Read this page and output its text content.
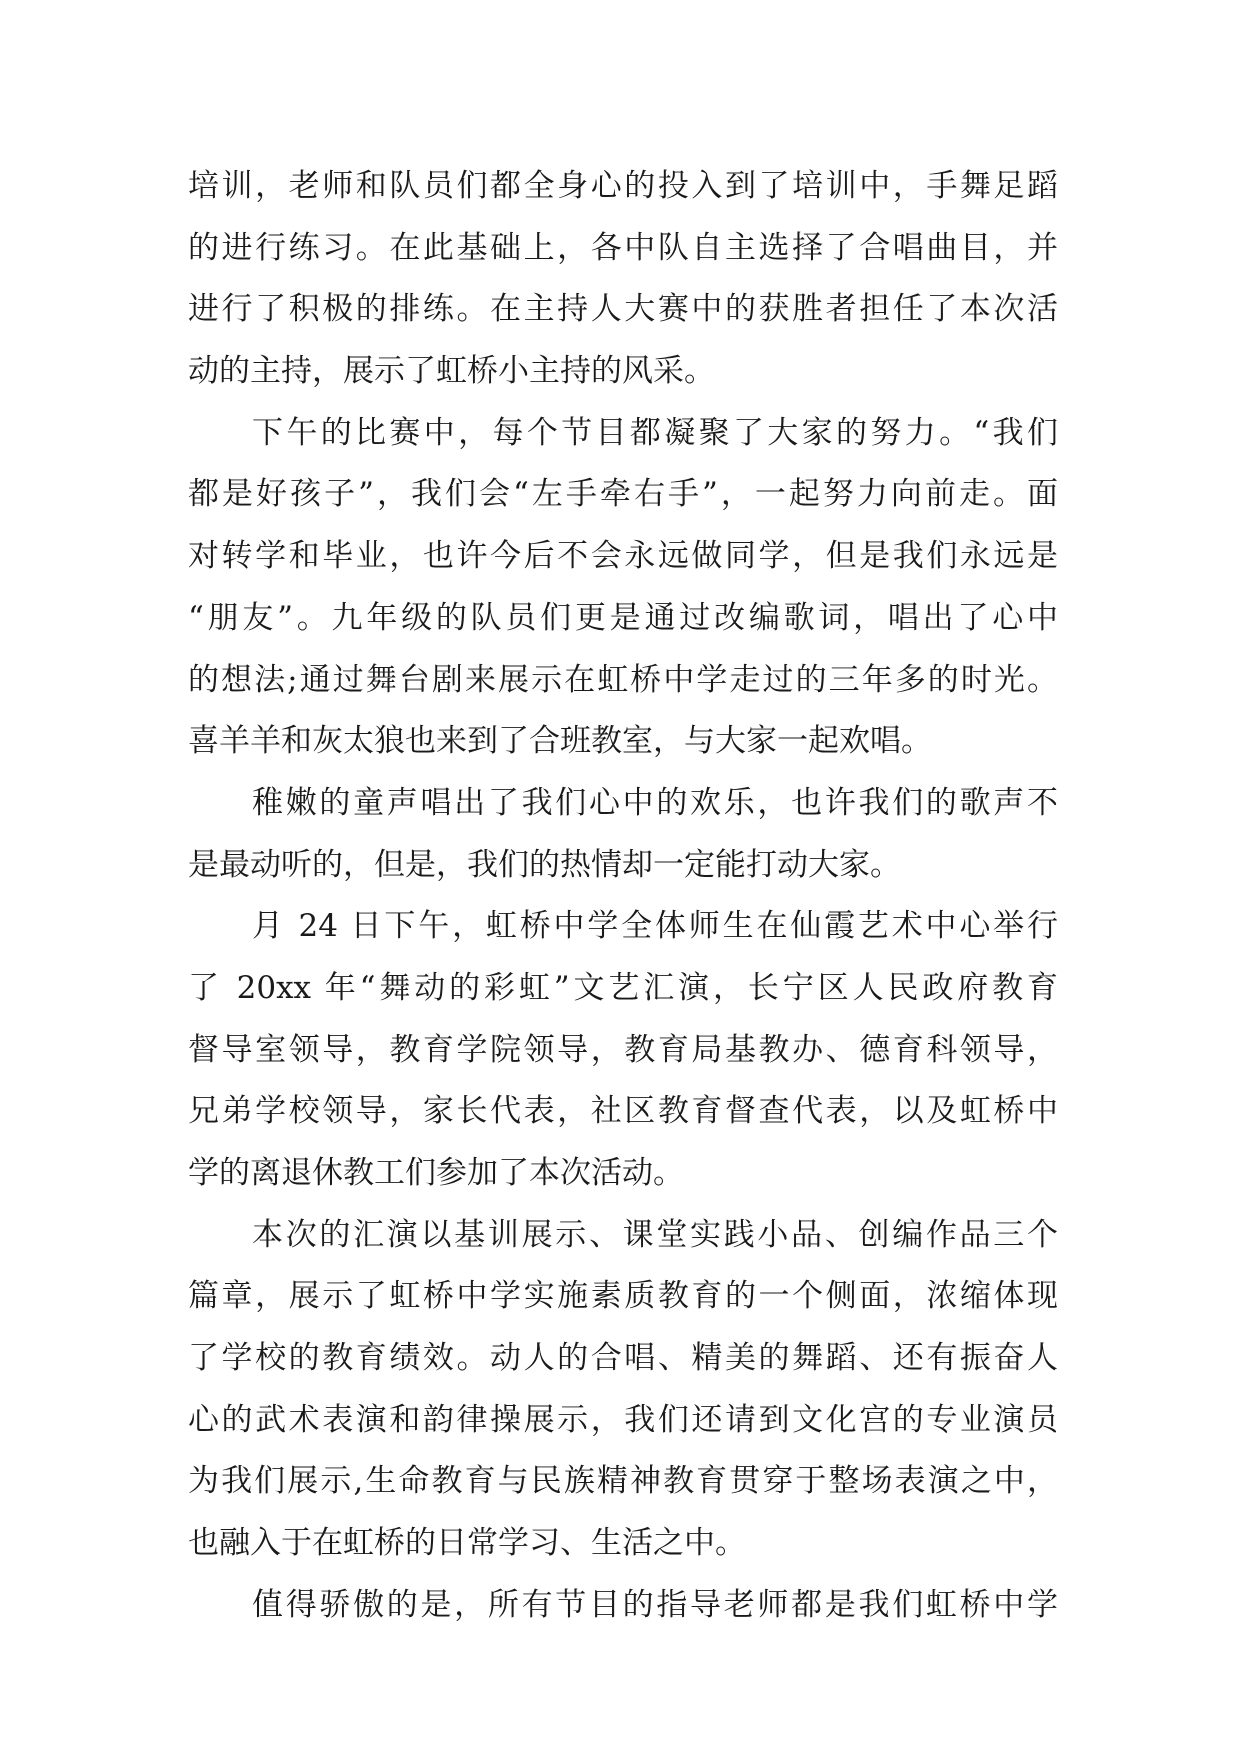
培训，老师和队员们都全身心的投入到了培训中，手舞足蹈
的进行练习。在此基础上，各中队自主选择了合唱曲目，并
进行了积极的排练。在主持人大赛中的获胜者担任了本次活
动的主持，展示了虹桥小主持的风采。
下午的比赛中，每个节目都凝聚了大家的努力。“我们
都是好孩子”，我们会“左手牵右手”，一起努力向前走。面
对转学和毕业，也许今后不会永远做同学，但是我们永远是
“朋友”。九年级的队员们更是通过改编歌词，唱出了心中
的想法;通过舞台剧来展示在虹桥中学走过的三年多的时光。
喜羊羊和灰太狼也来到了合班教室，与大家一起欢唱。
稚嫩的童声唱出了我们心中的欢乐，也许我们的歌声不
是最动听的，但是，我们的热情却一定能打动大家。
月 24 日下午，虹桥中学全体师生在仙霞艺术中心举行
了 20xx 年“舞动的彩虹”文艺汇演，长宁区人民政府教育
督导室领导，教育学院领导，教育局基教办、德育科领导，
兄弟学校领导，家长代表，社区教育督查代表，以及虹桥中
学的离退休教工们参加了本次活动。
本次的汇演以基训展示、课堂实践小品、创编作品三个
篇章，展示了虹桥中学实施素质教育的一个侧面，浓缩体现
了学校的教育绩效。动人的合唱、精美的舞蹈、还有振奋人
心的武术表演和韵律操展示，我们还请到文化宫的专业演员
为我们展示,生命教育与民族精神教育贯穿于整场表演之中，
也融入于在虹桥的日常学习、生活之中。
值得骄傲的是，所有节目的指导老师都是我们虹桥中学
